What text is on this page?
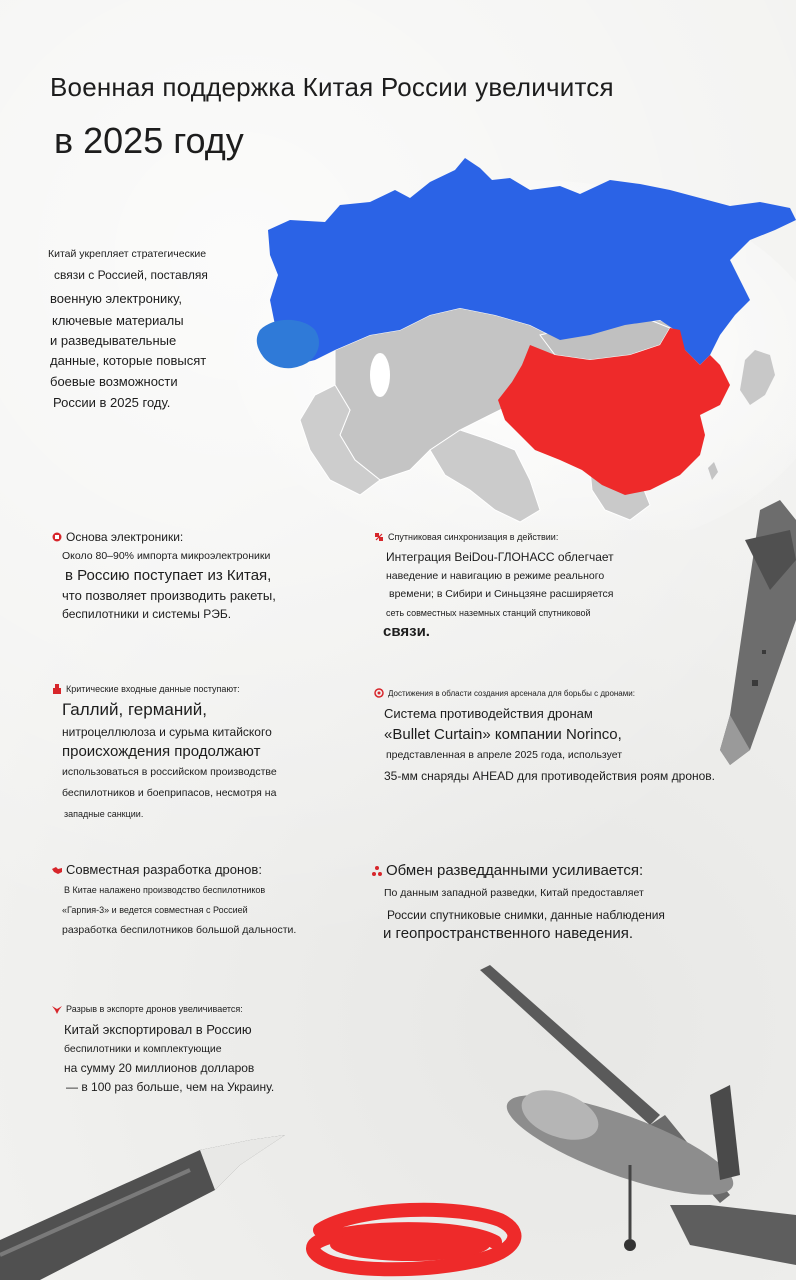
Военная поддержка Китая России увеличится
в 2025 году
Китай укрепляет стратегические
связи с Россией, поставляя
военную электронику,
ключевые материалы
и разведывательные
данные, которые повысят
боевые возможности
России в 2025 году.
Основа электроники:
Около 80–90% импорта микроэлектроники
в Россию поступает из Китая,
что позволяет производить ракеты,
беспилотники и системы РЭБ.
Спутниковая синхронизация в действии:
Интеграция BeiDou-ГЛОНАСС облегчает
наведение и навигацию в режиме реального
времени; в Сибири и Синьцзяне расширяется
сеть совместных наземных станций спутниковой
связи.
Критические входные данные поступают:
Галлий, германий,
нитроцеллюлоза и сурьма китайского
происхождения продолжают
использоваться в российском производстве
беспилотников и боеприпасов, несмотря на
западные санкции.
Достижения в области создания арсенала для борьбы с дронами:
Система противодействия дронам
«Bullet Curtain» компании Norinco,
представленная в апреле 2025 года, использует
35-мм снаряды AHEAD для противодействия роям дронов.
Совместная разработка дронов:
В Китае налажено производство беспилотников
«Гарпия-3» и ведется совместная с Россией
разработка беспилотников большой дальности.
Обмен разведданными усиливается:
По данным западной разведки, Китай предоставляет
России спутниковые снимки, данные наблюдения
и геопространственного наведения.
Разрыв в экспорте дронов увеличивается:
Китай экспортировал в Россию
беспилотники и комплектующие
на сумму 20 миллионов долларов
— в 100 раз больше, чем на Украину.
